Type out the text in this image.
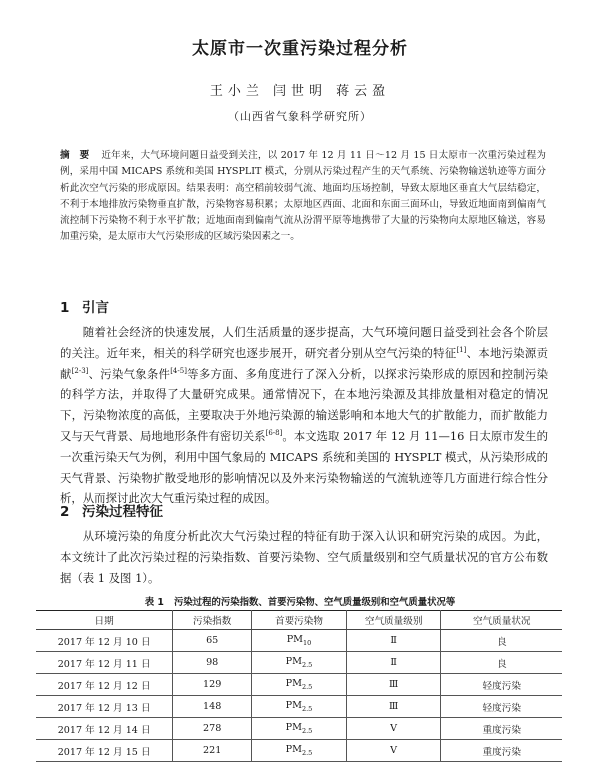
太原市一次重污染过程分析
王小兰 闫世明 蒋云盈
（山西省气象科学研究所）
摘　要 近年来，大气环境问题日益受到关注，以 2017 年 12 月 11 日～12 月 15 日太原市一次重污染过程为例，采用中国 MICAPS 系统和美国 HYSPLIT 模式，分别从污染过程产生的天气系统、污染物输送轨迹等方面分析此次空气污染的形成原因。结果表明：高空稻前较弱气流、地面均压场控制，导致太原地区垂直大气层结稳定，不利于本地排放污染物垂直扩散，污染物容易积累；太原地区西面、北面和东面三面环山，导致近地面南到偏南气流控制下污染物不利于水平扩散；近地面南到偏南气流从汾渭平原等地携带了大量的污染物向太原地区输送，容易加重污染，是太原市大气污染形成的区域污染因素之一。
1 引言
随着社会经济的快速发展，人们生活质量的逐步提高，大气环境问题日益受到社会各个阶层的关注。近年来，相关的科学研究也逐步展开，研究者分别从空气污染的特征[1]、本地污染源贡献[2-3]、污染气象条件[4-5]等多方面、多角度进行了深入分析，以探求污染形成的原因和控制污染的科学方法，并取得了大量研究成果。通常情况下，在本地污染源及其排放量相对稳定的情况下，污染物浓度的高低，主要取决于外地污染源的输送影响和本地大气的扩散能力，而扩散能力又与天气背景、局地地形条件有密切关系[6-8]。本文选取 2017 年 12 月 11—16 日太原市发生的一次重污染天气为例，利用中国气象局的 MICAPS 系统和美国的 HYSPLT 模式，从污染形成的天气背景、污染物扩散受地形的影响情况以及外来污染物输送的气流轨迹等几方面进行综合性分析，从而探讨此次大气重污染过程的成因。
2 污染过程特征
从环境污染的角度分析此次大气污染过程的特征有助于深入认识和研究污染的成因。为此，本文统计了此次污染过程的污染指数、首要污染物、空气质量级别和空气质量状况的官方公布数据（表 1 及图 1）。
表 1 污染过程的污染指数、首要污染物、空气质量级别和空气质量状况等
日期	污染指数	首要污染物	空气质量级别	空气质量状况
2017 年 12 月 10 日	65	$PM_{10}$	Ⅱ	良
2017 年 12 月 11 日	98	$PM_{2.5}$	Ⅱ	良
2017 年 12 月 12 日	129	$PM_{2.5}$	Ⅲ	轻度污染
2017 年 12 月 13 日	148	$PM_{2.5}$	Ⅲ	轻度污染
2017 年 12 月 14 日	278	$PM_{2.5}$	Ⅴ	重度污染
2017 年 12 月 15 日	221	$PM_{2.5}$	Ⅴ	重度污染
